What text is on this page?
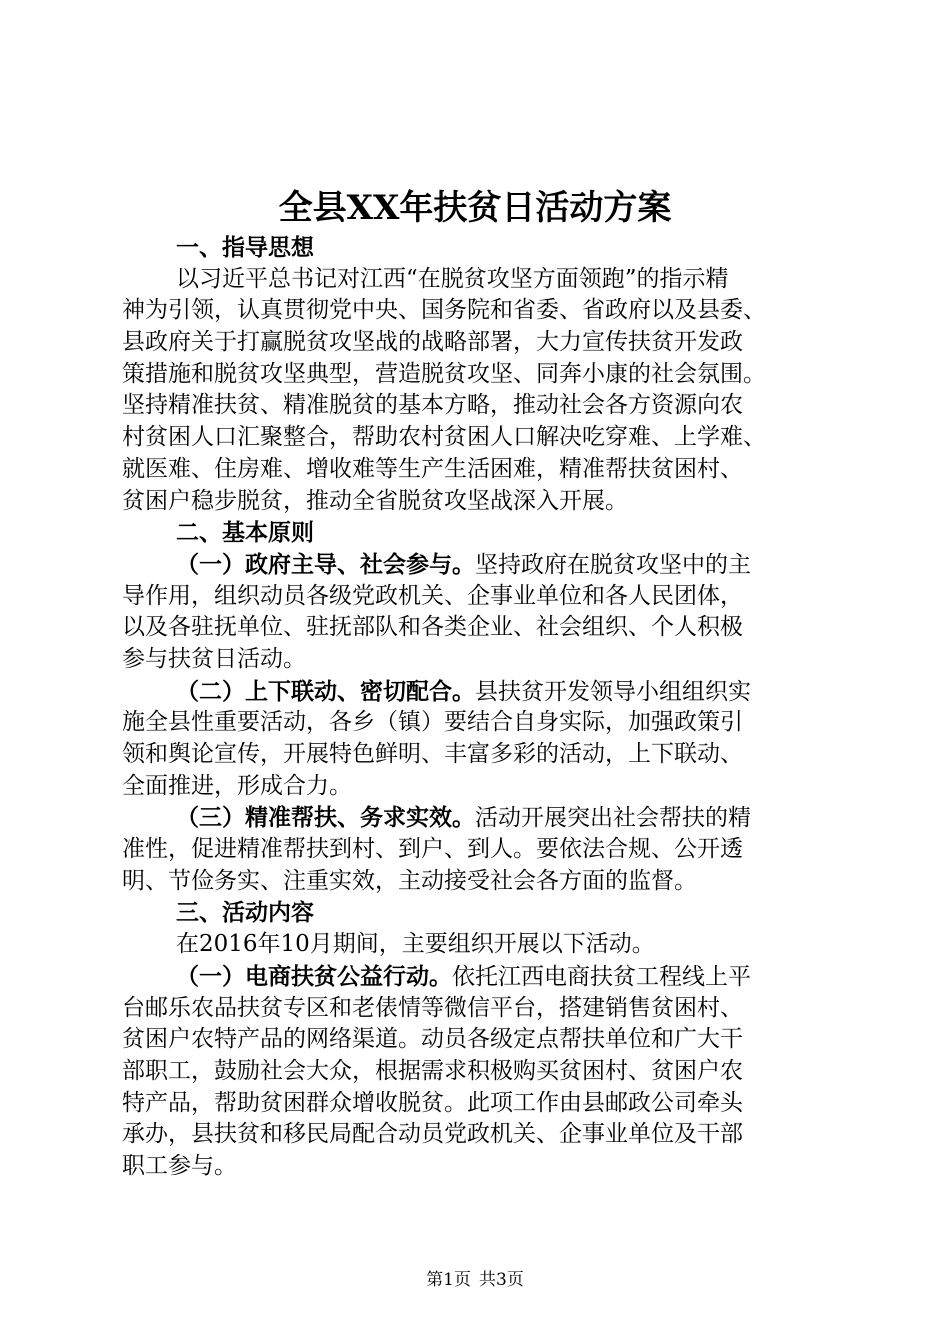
全县XX年扶贫日活动方案
一、指导思想
以习近平总书记对江西“在脱贫攻坚方面领跑”的指示精
神为引领，认真贯彻党中央、国务院和省委、省政府以及县委、
县政府关于打赢脱贫攻坚战的战略部署，大力宣传扶贫开发政
策措施和脱贫攻坚典型，营造脱贫攻坚、同奔小康的社会氛围。
坚持精准扶贫、精准脱贫的基本方略，推动社会各方资源向农
村贫困人口汇聚整合，帮助农村贫困人口解决吃穿难、上学难、
就医难、住房难、增收难等生产生活困难，精准帮扶贫困村、
贫困户稳步脱贫，推动全省脱贫攻坚战深入开展。
二、基本原则
（一）政府主导、社会参与。坚持政府在脱贫攻坚中的主
导作用，组织动员各级党政机关、企事业单位和各人民团体，
以及各驻抚单位、驻抚部队和各类企业、社会组织、个人积极
参与扶贫日活动。
（二）上下联动、密切配合。县扶贫开发领导小组组织实
施全县性重要活动，各乡（镇）要结合自身实际，加强政策引
领和舆论宣传，开展特色鲜明、丰富多彩的活动，上下联动、
全面推进，形成合力。
（三）精准帮扶、务求实效。活动开展突出社会帮扶的精
准性，促进精准帮扶到村、到户、到人。要依法合规、公开透
明、节俭务实、注重实效，主动接受社会各方面的监督。
三、活动内容
在2016年10月期间，主要组织开展以下活动。
（一）电商扶贫公益行动。依托江西电商扶贫工程线上平
台邮乐农品扶贫专区和老俵情等微信平台，搭建销售贫困村、
贫困户农特产品的网络渠道。动员各级定点帮扶单位和广大干
部职工，鼓励社会大众，根据需求积极购买贫困村、贫困户农
特产品，帮助贫困群众增收脱贫。此项工作由县邮政公司牵头
承办，县扶贫和移民局配合动员党政机关、企事业单位及干部
职工参与。
第1页 共3页
